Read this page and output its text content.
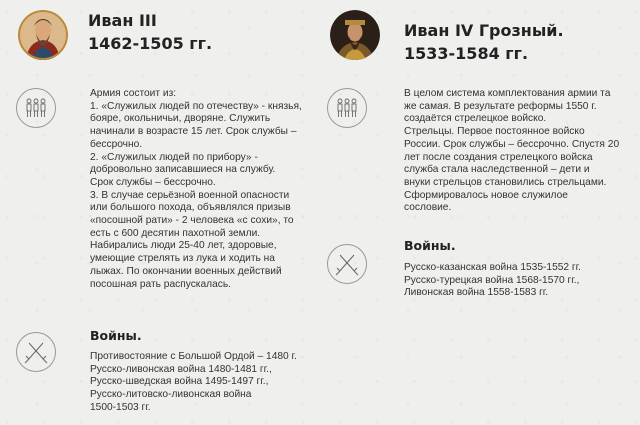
Иван III
1462-1505 гг.
Армия состоит из:
1. «Служилых людей по отечеству» - князья,
бояре, окольничьи, дворяне. Служить
начинали в возрасте 15 лет. Срок службы –
бессрочно.
2. «Служилых людей по прибору» -
добровольно записавшиеся на службу.
Срок службы – бессрочно.
3. В случае серьёзной военной опасности
или большого похода, объявлялся призыв
«посошной рати» - 2 человека «с сохи», то
есть с 600 десятин пахотной земли.
Набирались люди 25-40 лет, здоровые,
умеющие стрелять из лука и ходить на
лыжах. По окончании военных действий
посошная рать распускалась.
Войны.
Противостояние с Большой Ордой – 1480 г.
Русско-ливонская война 1480-1481 гг.,
Русско-шведская война 1495-1497 гг.,
Русско-литовско-ливонская война
1500-1503 гг.
Иван IV Грозный.
1533-1584 гг.
В целом система комплектования армии та
же самая. В результате реформы 1550 г.
создаётся стрелецкое войско.
Стрельцы. Первое постоянное войско
России. Срок службы – бессрочно. Спустя 20
лет после создания стрелецкого войска
служба стала наследственной – дети и
внуки стрельцов становились стрельцами.
Сформировалось новое служилое
сословие.
Войны.
Русско-казанская война 1535-1552 гг.
Русско-турецкая война 1568-1570 гг.,
Ливонская война 1558-1583 гг.
